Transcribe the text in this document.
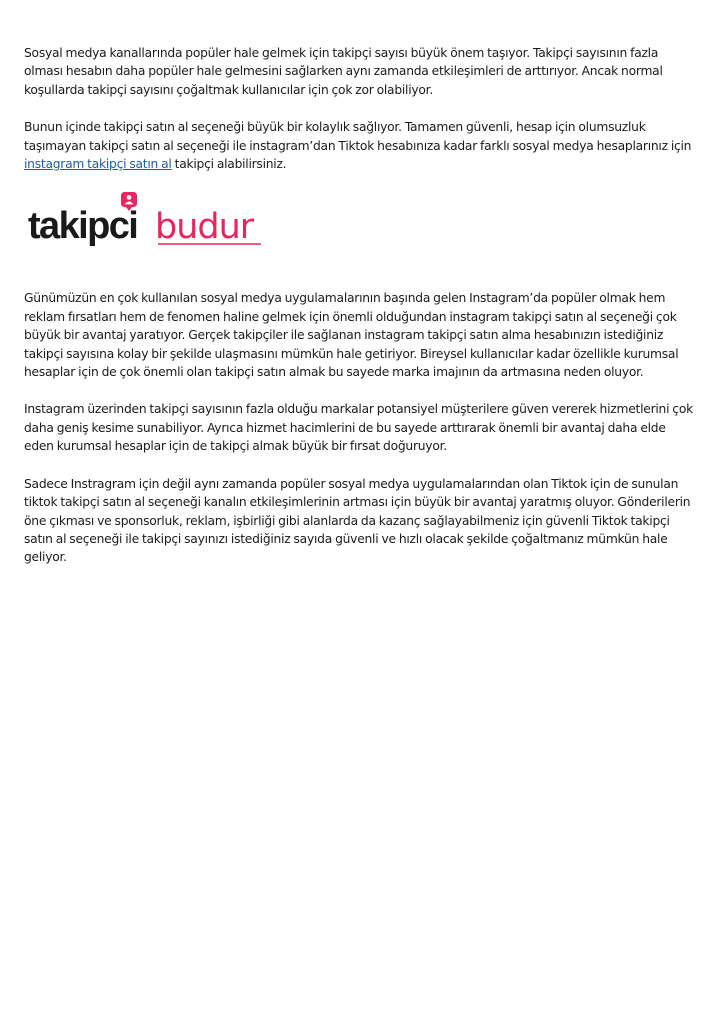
Sosyal medya kanallarında popüler hale gelmek için takipçi sayısı büyük önem taşıyor. Takipçi sayısının fazla olması hesabın daha popüler hale gelmesini sağlarken aynı zamanda etkileşimleri de arttırıyor. Ancak normal koşullarda takipçi sayısını çoğaltmak kullanıcılar için çok zor olabiliyor.

Bunun içinde takipçi satın al seçeneği büyük bir kolaylık sağlıyor. Tamamen güvenli, hesap için olumsuzluk taşımayan takipçi satın al seçeneği ile instagram’dan Tiktok hesabınıza kadar farklı sosyal medya hesaplarınız için instagram takipçi satın al takipçi alabilirsiniz.

takipci budur

Günümüzün en çok kullanılan sosyal medya uygulamalarının başında gelen Instagram’da popüler olmak hem reklam fırsatları hem de fenomen haline gelmek için önemli olduğundan instagram takipçi satın al seçeneği çok büyük bir avantaj yaratıyor. Gerçek takipçiler ile sağlanan instagram takipçi satın alma hesabınızın istediğiniz takipçi sayısına kolay bir şekilde ulaşmasını mümkün hale getiriyor. Bireysel kullanıcılar kadar özellikle kurumsal hesaplar için de çok önemli olan takipçi satın almak bu sayede marka imajının da artmasına neden oluyor.

Instagram üzerinden takipçi sayısının fazla olduğu markalar potansiyel müşterilere güven vererek hizmetlerini çok daha geniş kesime sunabiliyor. Ayrıca hizmet hacimlerini de bu sayede arttırarak önemli bir avantaj daha elde eden kurumsal hesaplar için de takipçi almak büyük bir fırsat doğuruyor.

Sadece Instragram için değil aynı zamanda popüler sosyal medya uygulamalarından olan Tiktok için de sunulan tiktok takipçi satın al seçeneği kanalın etkileşimlerinin artması için büyük bir avantaj yaratmış oluyor. Gönderilerin öne çıkması ve sponsorluk, reklam, işbirliği gibi alanlarda da kazanç sağlayabilmeniz için güvenli Tiktok takipçi satın al seçeneği ile takipçi sayınızı istediğiniz sayıda güvenli ve hızlı olacak şekilde çoğaltmanız mümkün hale geliyor.
